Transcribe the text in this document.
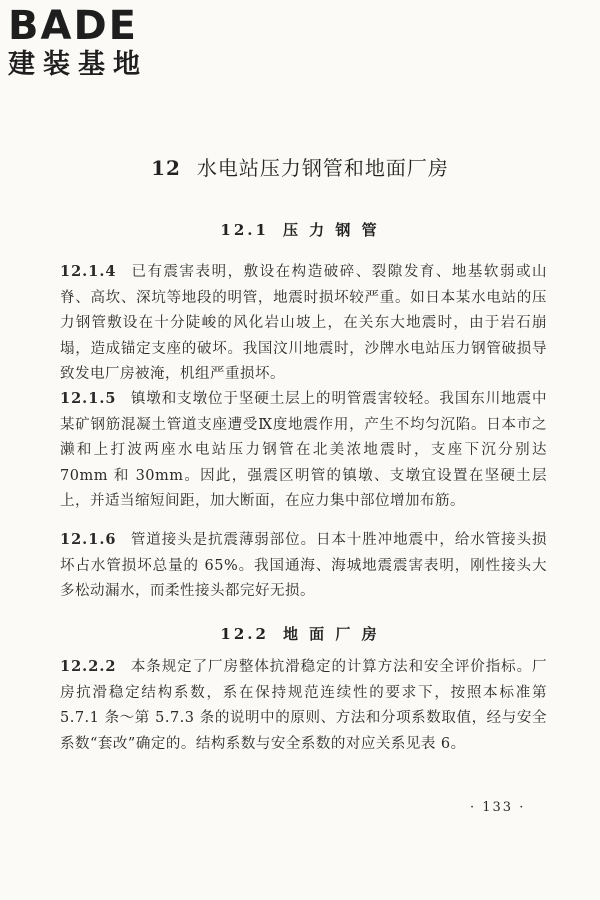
BADE
建装基地
12 水电站压力钢管和地面厂房
12.1 压 力 钢 管

12.1.4 已有震害表明，敷设在构造破碎、裂隙发育、地基软弱或山脊、高坎、深坑等地段的明管，地震时损坏较严重。如日本某水电站的压力钢管敷设在十分陡峻的风化岩山坡上，在关东大地震时，由于岩石崩塌，造成锚定支座的破坏。我国汶川地震时，沙牌水电站压力钢管破损导致发电厂房被淹，机组严重损坏。

12.1.5 镇墩和支墩位于坚硬土层上的明管震害较轻。我国东川地震中某矿钢筋混凝土管道支座遭受Ⅸ度地震作用，产生不均匀沉陷。日本市之濑和上打波两座水电站压力钢管在北美浓地震时，支座下沉分别达 70mm 和 30mm。因此，强震区明管的镇墩、支墩宜设置在坚硬土层上，并适当缩短间距，加大断面，在应力集中部位增加布筋。

12.1.6 管道接头是抗震薄弱部位。日本十胜冲地震中，给水管接头损坏占水管损坏总量的 65%。我国通海、海城地震震害表明，刚性接头大多松动漏水，而柔性接头都完好无损。

12.2 地 面 厂 房

12.2.2 本条规定了厂房整体抗滑稳定的计算方法和安全评价指标。厂房抗滑稳定结构系数，系在保持规范连续性的要求下，按照本标准第 5.7.1 条～第 5.7.3 条的说明中的原则、方法和分项系数取值，经与安全系数“套改”确定的。结构系数与安全系数的对应关系见表 6。

· 133 ·
